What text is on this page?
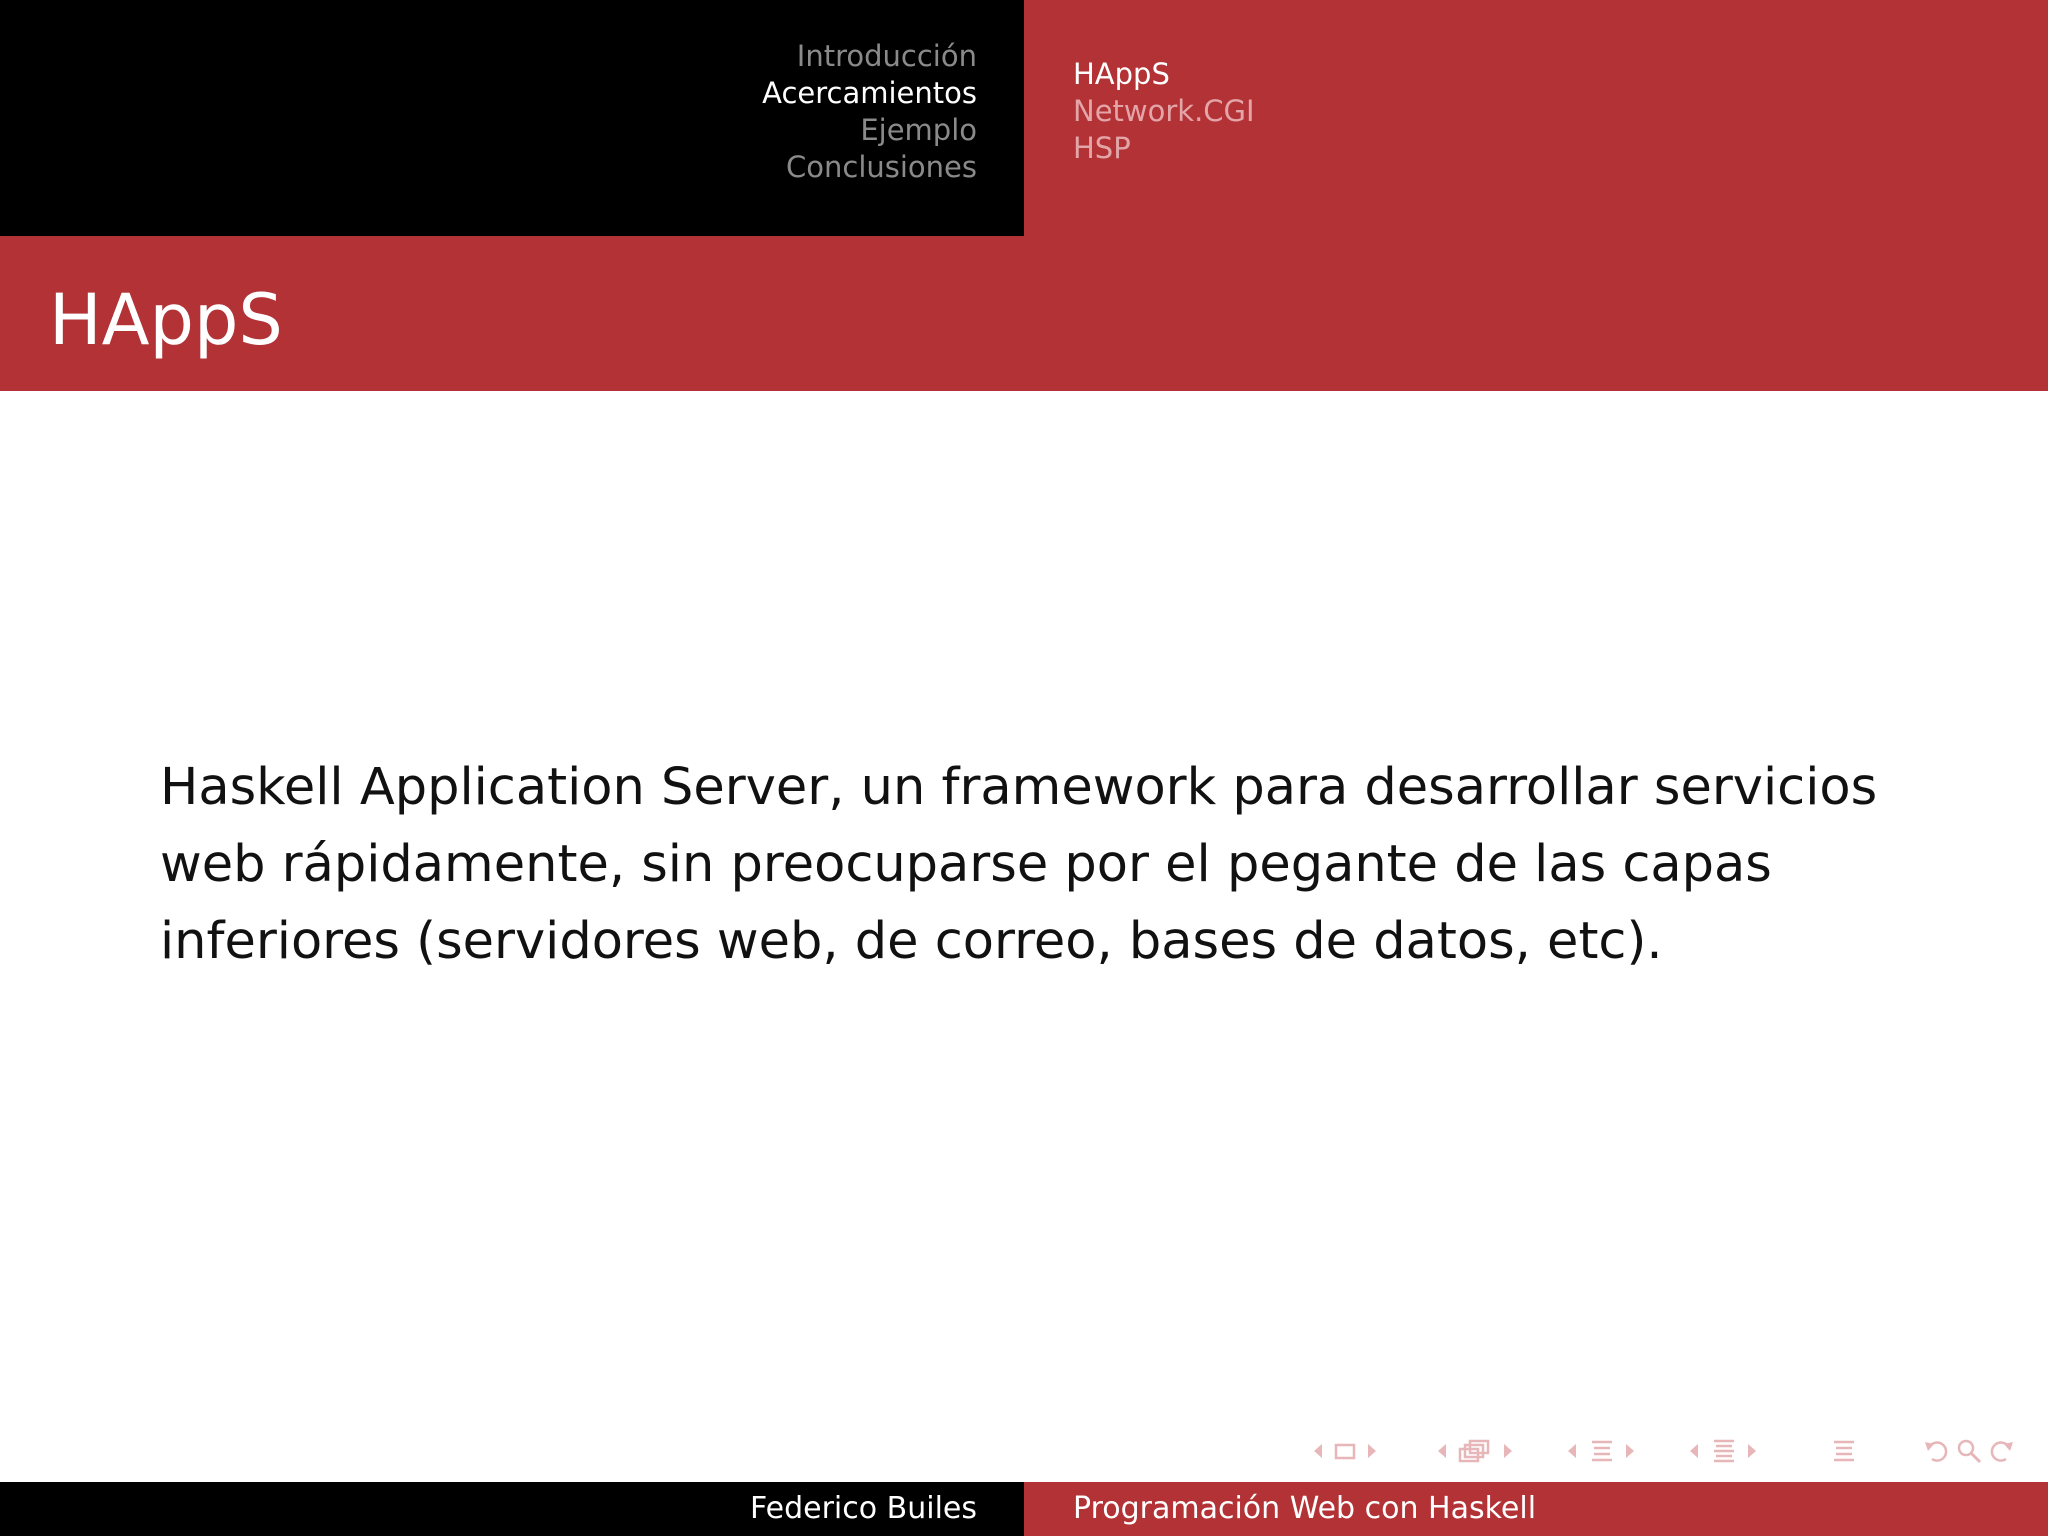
Introducción
Acercamientos
Ejemplo
Conclusiones
HAppS
Network.CGI
HSP
HAppS

Haskell Application Server, un framework para desarrollar servicios

web rápidamente, sin preocuparse por el pegante de las capas

inferiores (servidores web, de correo, bases de datos, etc).

Federico Builes	Programación Web con Haskell
